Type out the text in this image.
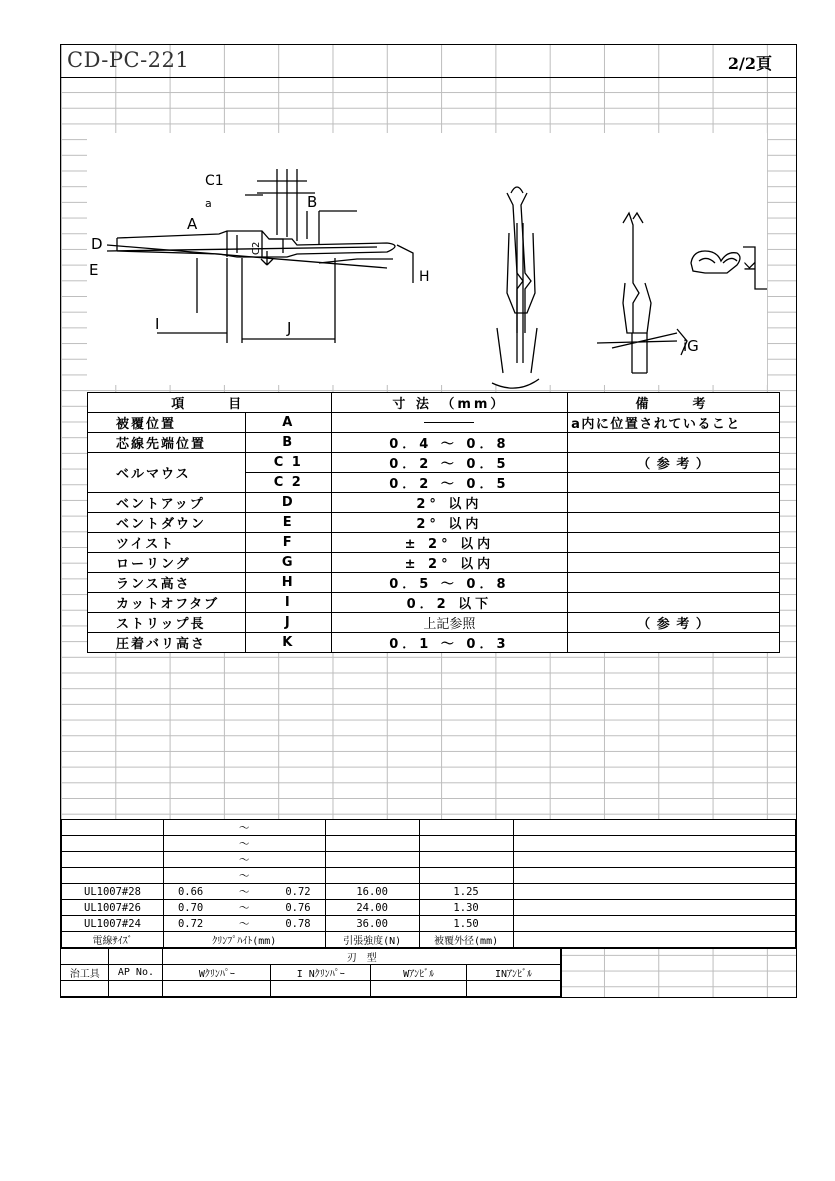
CD-PC-221	2/2頁
C1
a
A
B
C2
D
E	H
I	J
iG
K
項　　目		寸 法　（mm）	備　　考
被覆位置	A		a内に位置されていること
芯線先端位置	B	0．4 ～ 0．8	
ベルマウス	C 1	0．2 ～ 0．5	（ 参 考 ）
	C 2	0．2 ～ 0．5	
ベントアップ	D	2° 以内	
ベントダウン	E	2° 以内	
ツイスト	F	± 2° 以内	
ローリング	G	± 2° 以内	
ランス高さ	H	0．5 ～ 0．8	
カットオフタブ	I	0．2 以下	
ストリップ長	J	上記参照	（ 参 考 ）
圧着バリ高さ	K	0．1 ～ 0．3	
		～				
		～				
		～				
		～				
UL1007#28	0.66	～	0.72	16.00	1.25	
UL1007#26	0.70	～	0.76	24.00	1.30	
UL1007#24	0.72	～	0.78	36.00	1.50	
電線ｻｲｽﾞ	ｸﾘﾝﾌﾟﾊｲﾄ(mm)			引張強度(N)	被覆外径(mm)	
		刃　型			
治工具	AP No.	Wｸﾘﾝﾊﾟｰ	I Nｸﾘﾝﾊﾟｰ	Wｱﾝﾋﾞﾙ	INｱﾝﾋﾞﾙ
